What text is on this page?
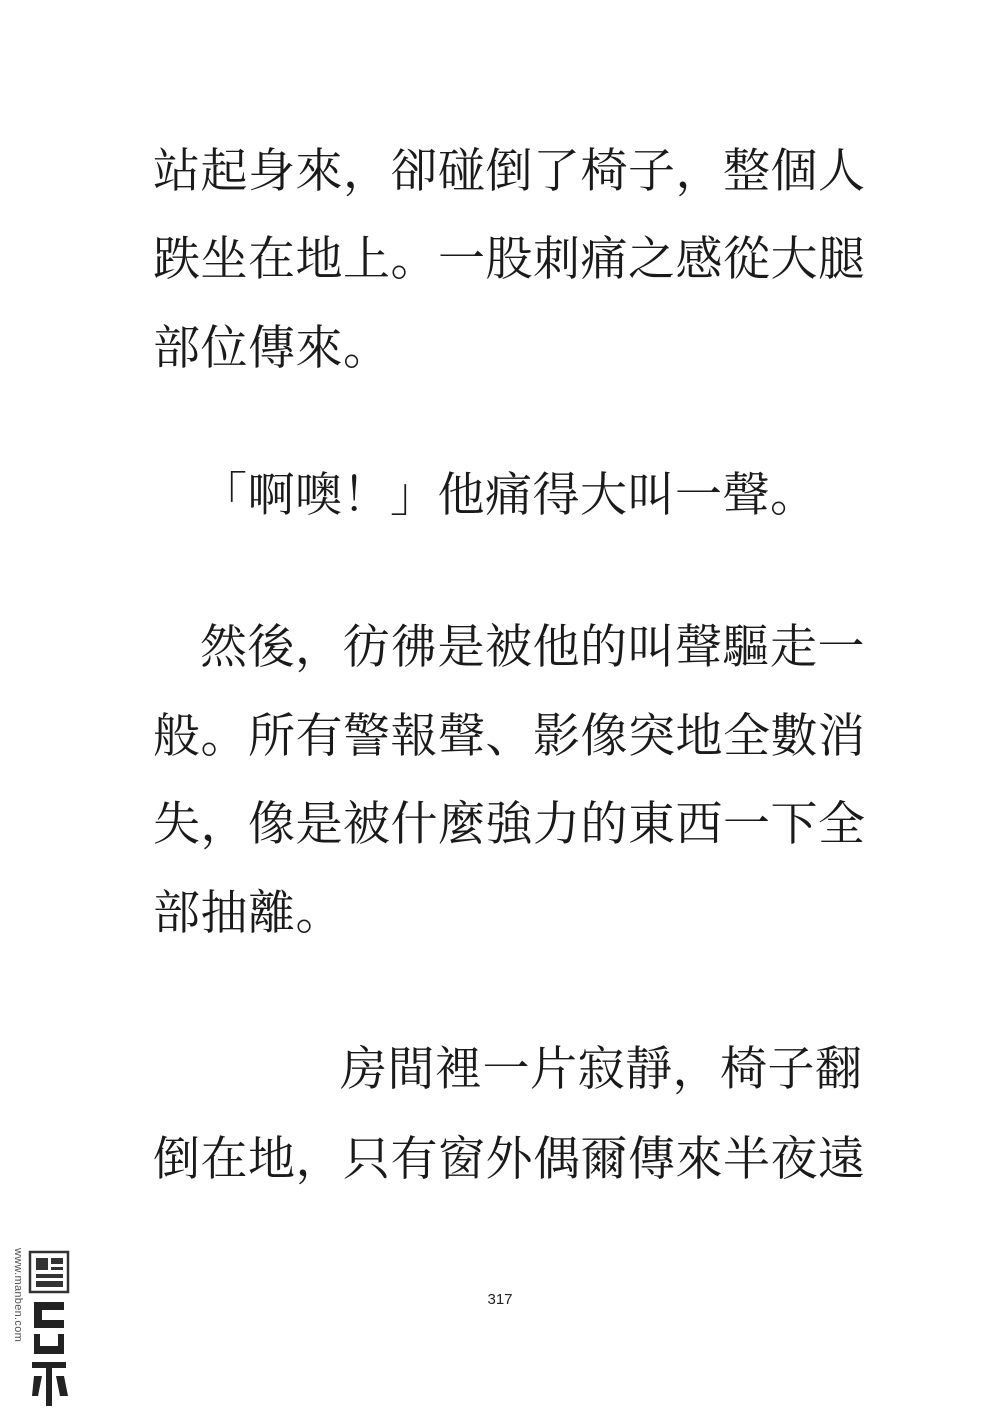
站起身來，卻碰倒了椅子，整個人
跌坐在地上。一股刺痛之感從大腿
部位傳來。
「啊噢！」他痛得大叫一聲。
然後，彷彿是被他的叫聲驅走一
般。所有警報聲、影像突地全數消
失，像是被什麼強力的東西一下全
部抽離。
房間裡一片寂靜，椅子翻
倒在地，只有窗外偶爾傳來半夜遠
317
www.manben.com
